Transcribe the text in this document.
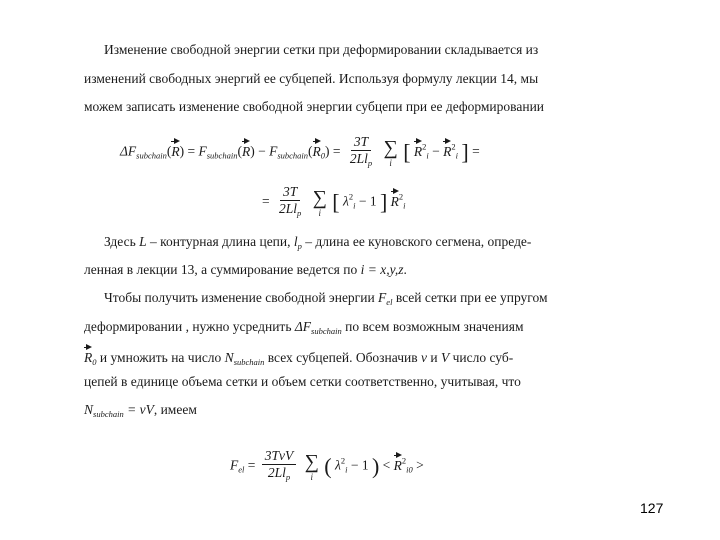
Изменение свободной энергии сетки при деформировании складывается из
изменений свободных энергий ее субцепей. Используя формулу лекции 14, мы
можем записать изменение свободной энергии субцепи при ее деформировании
$\Delta F_{subchain}(R) = F_{subchain}(R) - F_{subchain}(R_0) = \frac{3T}{2Ll_p}$
∑
i [ $R^2_i - R^2_i$ ] =
= $\frac{3T}{2Ll_p}$
∑
i [ $\lambda^2_i - 1$ ] $R^2_i$
Здесь L – контурная длина цепи, $l_p$ – длина ее куновского сегмена, опреде-
ленная в лекции 13, а суммирование ведется по i = x,y,z.
Чтобы получить изменение свободной энергии $F_{el}$ всей сетки при ее упругом
деформировании , нужно усреднить $\Delta F_{subchain}$ по всем возможным значениям
$R_0$ и умножить на число $N_{subchain}$ всех субцепей. Обозначив ν и V число суб-
цепей в единице объема сетки и объем сетки соответственно, учитывая, что
$N_{subchain} = \nu V$, имеем
$F_{el} = \frac{\text{3TνV}}{2Ll_p}$
∑
i ( $\lambda^2_i - 1$ ) < $R^2_{i0}$ >
127
